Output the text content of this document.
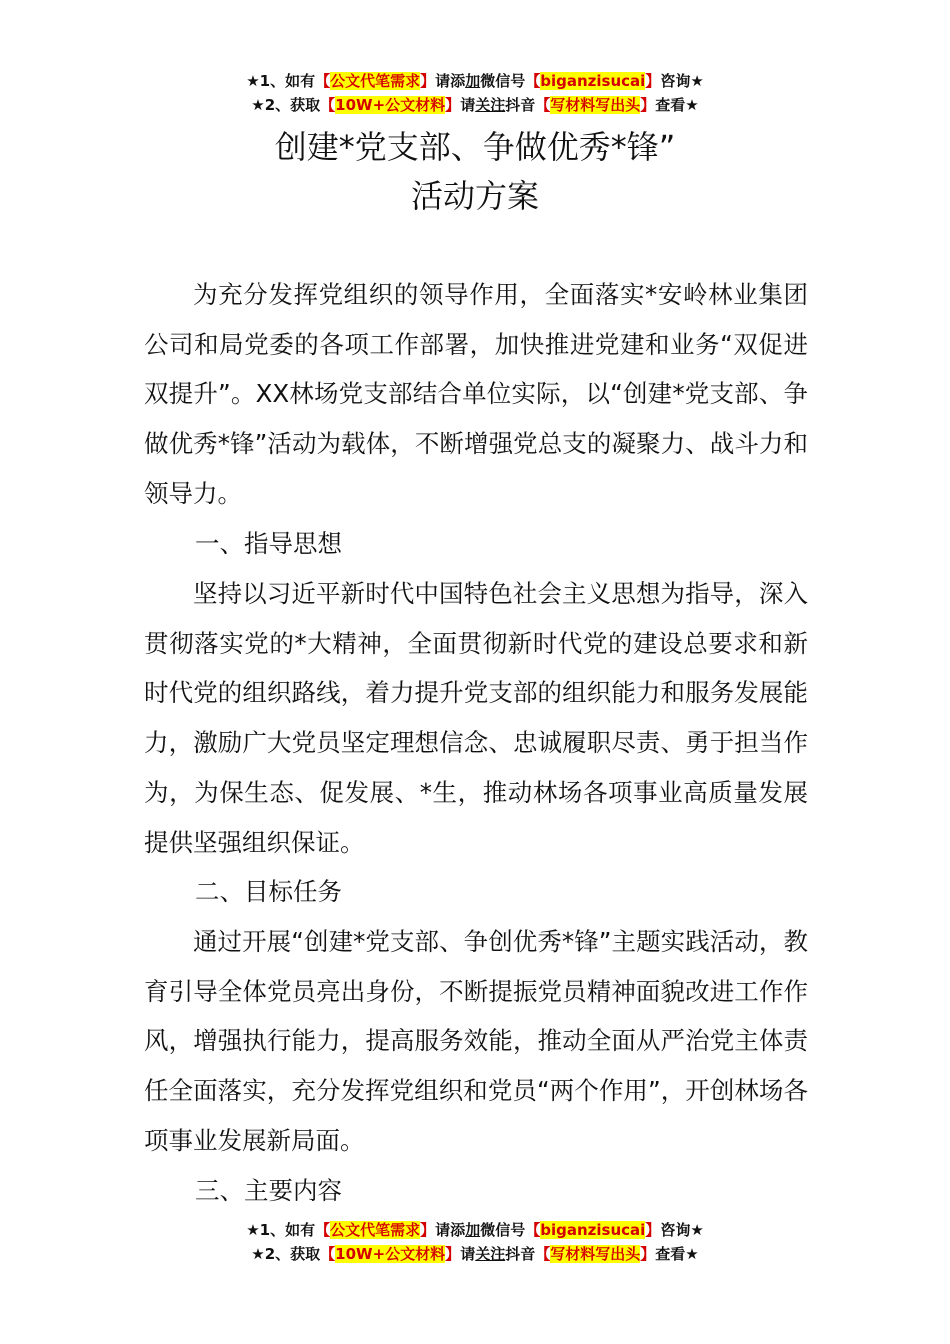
★1、如有【公文代笔需求】请添加微信号【biganzisucai】咨询★
★2、获取【10W+公文材料】请关注抖音【写材料写出头】查看★
创建*党支部、争做优秀*锋”
活动方案

为充分发挥党组织的领导作用，全面落实*安岭林业集团公司和局党委的各项工作部署，加快推进党建和业务“双促进双提升”。XX林场党支部结合单位实际，以“创建*党支部、争做优秀*锋”活动为载体，不断增强党总支的凝聚力、战斗力和领导力。

一、指导思想

坚持以习近平新时代中国特色社会主义思想为指导，深入贯彻落实党的*大精神，全面贯彻新时代党的建设总要求和新时代党的组织路线，着力提升党支部的组织能力和服务发展能力，激励广大党员坚定理想信念、忠诚履职尽责、勇于担当作为，为保生态、促发展、*生，推动林场各项事业高质量发展提供坚强组织保证。

二、目标任务

通过开展“创建*党支部、争创优秀*锋”主题实践活动，教育引导全体党员亮出身份，不断提振党员精神面貌改进工作作风，增强执行能力，提高服务效能，推动全面从严治党主体责任全面落实，充分发挥党组织和党员“两个作用”，开创林场各项事业发展新局面。

三、主要内容

★1、如有【公文代笔需求】请添加微信号【biganzisucai】咨询★
★2、获取【10W+公文材料】请关注抖音【写材料写出头】查看★
